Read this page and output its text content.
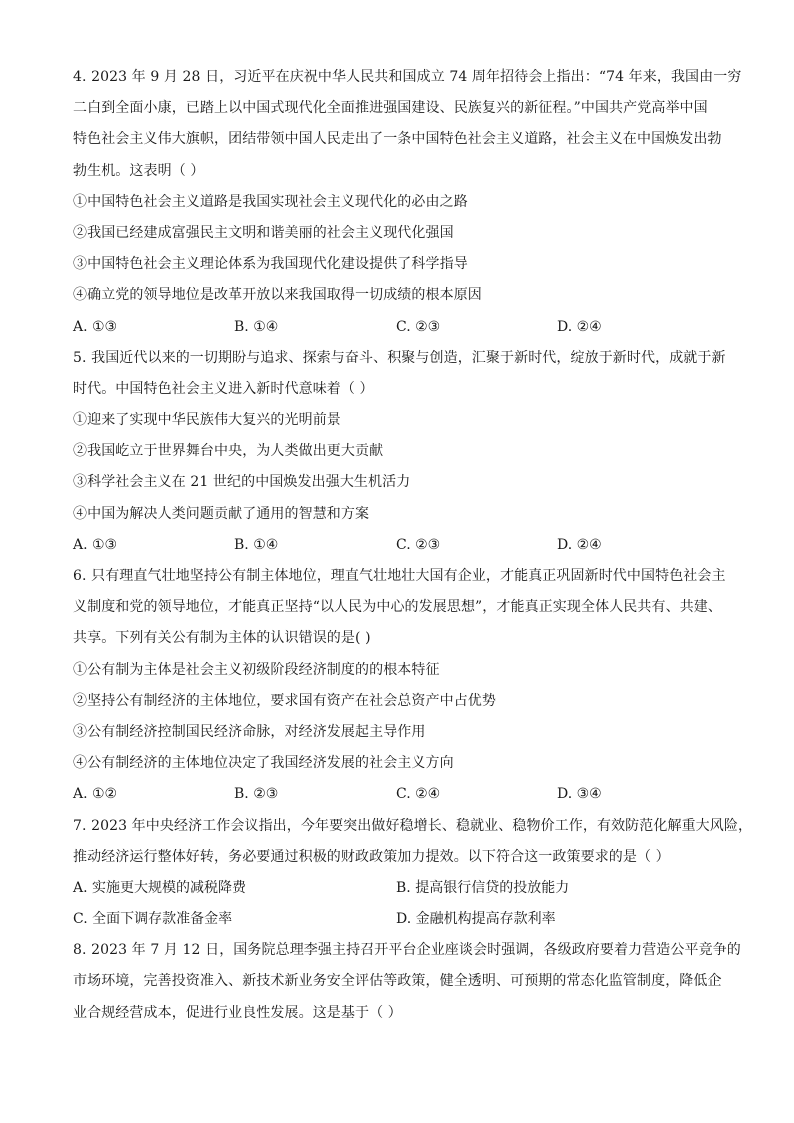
4. 2023 年 9 月 28 日，习近平在庆祝中华人民共和国成立 74 周年招待会上指出：“74 年来，我国由一穷
二白到全面小康，已踏上以中国式现代化全面推进强国建设、民族复兴的新征程。”中国共产党高举中国
特色社会主义伟大旗帜，团结带领中国人民走出了一条中国特色社会主义道路，社会主义在中国焕发出勃
勃生机。这表明（ ）
①中国特色社会主义道路是我国实现社会主义现代化的必由之路
②我国已经建成富强民主文明和谐美丽的社会主义现代化强国
③中国特色社会主义理论体系为我国现代化建设提供了科学指导
④确立党的领导地位是改革开放以来我国取得一切成绩的根本原因
A. ①③	B. ①④	C. ②③	D. ②④
5. 我国近代以来的一切期盼与追求、探索与奋斗、积聚与创造，汇聚于新时代，绽放于新时代，成就于新
时代。中国特色社会主义进入新时代意味着（ ）
①迎来了实现中华民族伟大复兴的光明前景
②我国屹立于世界舞台中央，为人类做出更大贡献
③科学社会主义在 21 世纪的中国焕发出强大生机活力
④中国为解决人类问题贡献了通用的智慧和方案
A. ①③	B. ①④	C. ②③	D. ②④
6. 只有理直气壮地坚持公有制主体地位，理直气壮地壮大国有企业，才能真正巩固新时代中国特色社会主
义制度和党的领导地位，才能真正坚持“以人民为中心的发展思想”，才能真正实现全体人民共有、共建、
共享。下列有关公有制为主体的认识错误的是( )
①公有制为主体是社会主义初级阶段经济制度的的根本特征
②坚持公有制经济的主体地位，要求国有资产在社会总资产中占优势
③公有制经济控制国民经济命脉，对经济发展起主导作用
④公有制经济的主体地位决定了我国经济发展的社会主义方向
A. ①②	B. ②③	C. ②④	D. ③④
7. 2023 年中央经济工作会议指出，今年要突出做好稳增长、稳就业、稳物价工作，有效防范化解重大风险，
推动经济运行整体好转，务必要通过积极的财政政策加力提效。以下符合这一政策要求的是（ ）
A. 实施更大规模的减税降费	B. 提高银行信贷的投放能力
C. 全面下调存款准备金率	D. 金融机构提高存款利率
8. 2023 年 7 月 12 日，国务院总理李强主持召开平台企业座谈会时强调，各级政府要着力营造公平竞争的
市场环境，完善投资准入、新技术新业务安全评估等政策，健全透明、可预期的常态化监管制度，降低企
业合规经营成本，促进行业良性发展。这是基于（ ）
